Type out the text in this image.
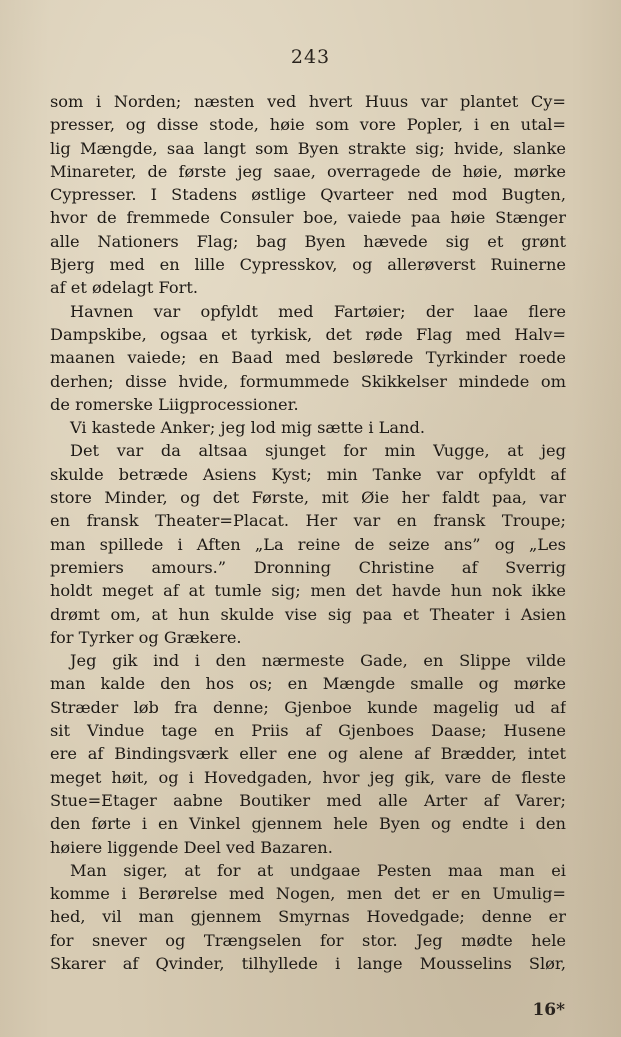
243
som i Norden; næsten ved hvert Huus var plantet Cy=
presser, og disse stode, høie som vore Popler, i en utal=
lig Mængde, saa langt som Byen strakte sig; hvide, slanke
Minareter, de første jeg saae, overragede de høie, mørke
Cypresser. I Stadens østlige Qvarteer ned mod Bugten,
hvor de fremmede Consuler boe, vaiede paa høie Stænger
alle Nationers Flag; bag Byen hævede sig et grønt
Bjerg med en lille Cypresskov, og allerøverst Ruinerne
af et ødelagt Fort.
Havnen var opfyldt med Fartøier; der laae flere
Dampskibe, ogsaa et tyrkisk, det røde Flag med Halv=
maanen vaiede; en Baad med beslørede Tyrkinder roede
derhen; disse hvide, formummede Skikkelser mindede om
de romerske Liigprocessioner.
Vi kastede Anker; jeg lod mig sætte i Land.
Det var da altsaa sjunget for min Vugge, at jeg
skulde betræde Asiens Kyst; min Tanke var opfyldt af
store Minder, og det Første, mit Øie her faldt paa, var
en fransk Theater=Placat. Her var en fransk Troupe;
man spillede i Aften „La reine de seize ans” og „Les
premiers amours.” Dronning Christine af Sverrig
holdt meget af at tumle sig; men det havde hun nok ikke
drømt om, at hun skulde vise sig paa et Theater i Asien
for Tyrker og Grækere.
Jeg gik ind i den nærmeste Gade, en Slippe vilde
man kalde den hos os; en Mængde smalle og mørke
Stræder løb fra denne; Gjenboe kunde magelig ud af
sit Vindue tage en Priis af Gjenboes Daase; Husene
ere af Bindingsværk eller ene og alene af Brædder, intet
meget høit, og i Hovedgaden, hvor jeg gik, vare de fleste
Stue=Etager aabne Boutiker med alle Arter af Varer;
den førte i en Vinkel gjennem hele Byen og endte i den
høiere liggende Deel ved Bazaren.
Man siger, at for at undgaae Pesten maa man ei
komme i Berørelse med Nogen, men det er en Umulig=
hed, vil man gjennem Smyrnas Hovedgade; denne er
for snever og Trængselen for stor. Jeg mødte hele
Skarer af Qvinder, tilhyllede i lange Mousselins Slør,
16*
